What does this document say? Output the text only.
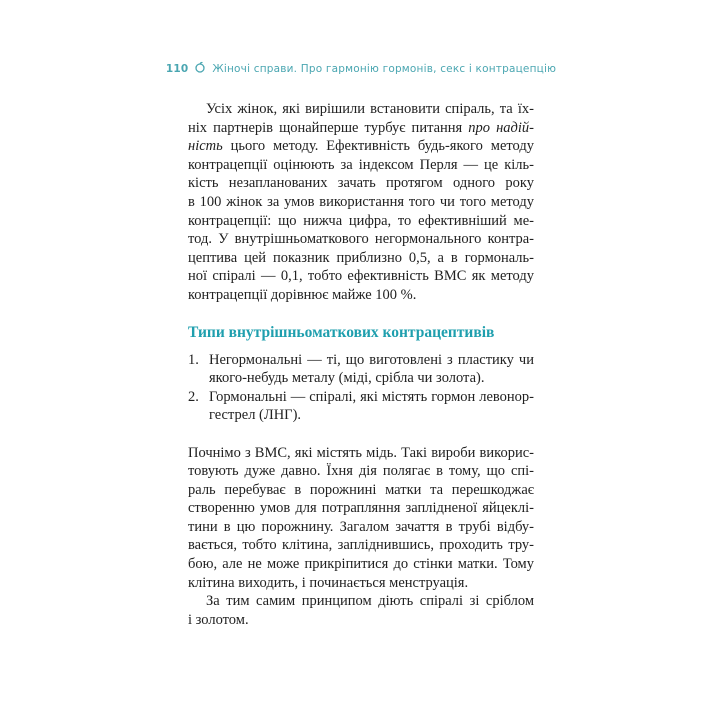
110 Жіночі справи. Про гармонію гормонів, секс і контрацепцію
Усіх жінок, які вирішили встановити спіраль, та їх-
ніх партнерів щонайперше турбує питання про надій-
ність цього методу. Ефективність будь-якого методу
контрацепції оцінюють за індексом Перля — це кіль-
кість незапланованих зачать протягом одного року
в 100 жінок за умов використання того чи того методу
контрацепції: що нижча цифра, то ефективніший ме-
тод. У внутрішньоматкового негормонального контра-
цептива цей показник приблизно 0,5, а в гормональ-
ної спіралі — 0,1, тобто ефективність ВМС як методу
контрацепції дорівнює майже 100 %.
Типи внутрішньоматкових контрацептивів
1. Негормональні — ті, що виготовлені з пластику чи
якого-небудь металу (міді, срібла чи золота).
2. Гормональні — спіралі, які містять гормон левонор-
гестрел (ЛНГ).
Почнімо з ВМС, які містять мідь. Такі вироби викорис-
товують дуже давно. Їхня дія полягає в тому, що спі-
раль перебуває в порожнині матки та перешкоджає
створенню умов для потрапляння заплідненої яйцеклі-
тини в цю порожнину. Загалом зачаття в трубі відбу-
вається, тобто клітина, запліднившись, проходить тру-
бою, але не може прикріпитися до стінки матки. Тому
клітина виходить, і починається менструація.
За тим самим принципом діють спіралі зі сріблом
і золотом.
